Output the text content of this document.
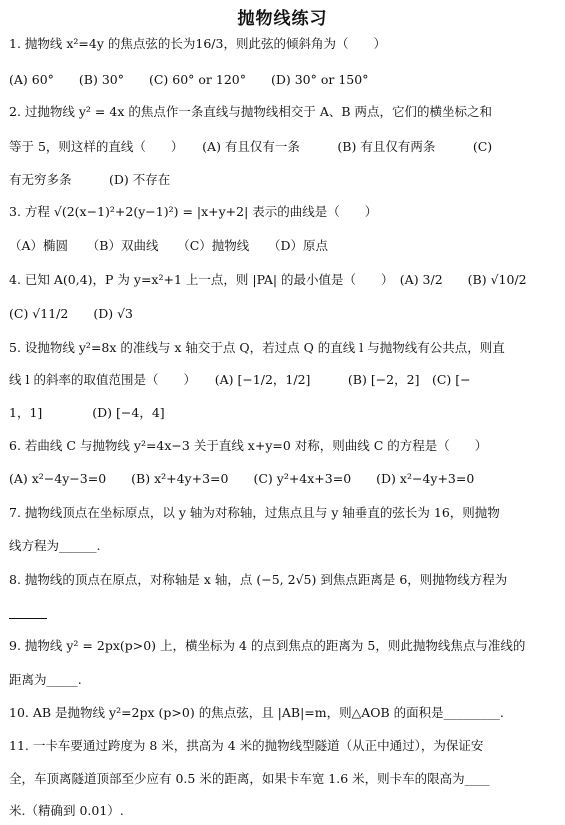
抛物线练习
1. 抛物线 x²=4y 的焦点弦的长为16/3，则此弦的倾斜角为（　　）
(A) 60°　　(B) 30°　　(C) 60° or 120°　　(D) 30° or 150°
2. 过抛物线 y² = 4x 的焦点作一条直线与抛物线相交于 A、B 两点，它们的横坐标之和
等于 5，则这样的直线（　　）　　(A) 有且仅有一条　　　(B) 有且仅有两条　　　(C)
有无穷多条　　　(D) 不存在
3. 方程 √(2(x−1)²+2(y−1)²) = |x+y+2| 表示的曲线是（　　）
（A）椭圆　　（B）双曲线　　（C）抛物线　　（D）原点
4. 已知 A(0,4)，P 为 y=x²+1 上一点，则 |PA| 的最小值是（　　）　(A) 3/2　　(B) √10/2
(C) √11/2　　(D) √3
5. 设抛物线 y²=8x 的准线与 x 轴交于点 Q，若过点 Q 的直线 l 与抛物线有公共点，则直
线 l 的斜率的取值范围是（　　）　　(A) [−1/2，1/2]　　　(B) [−2，2]　(C) [−
1，1]　　　　(D) [−4，4]
6. 若曲线 C 与抛物线 y²=4x−3 关于直线 x+y=0 对称，则曲线 C 的方程是（　　）
(A) x²−4y−3=0　　(B) x²+4y+3=0　　(C) y²+4x+3=0　　(D) x²−4y+3=0
7. 抛物线顶点在坐标原点，以 y 轴为对称轴，过焦点且与 y 轴垂直的弦长为 16，则抛物
线方程为______.
8. 抛物线的顶点在原点，对称轴是 x 轴，点 (−5, 2√5) 到焦点距离是 6，则抛物线方程为
9. 抛物线 y² = 2px(p>0) 上，横坐标为 4 的点到焦点的距离为 5，则此抛物线焦点与准线的
距离为_____.
10. AB 是抛物线 y²=2px (p>0) 的焦点弦，且 |AB|=m，则△AOB 的面积是_________.
11. 一卡车要通过跨度为 8 米，拱高为 4 米的抛物线型隧道（从正中通过），为保证安
全，车顶离隧道顶部至少应有 0.5 米的距离，如果卡车宽 1.6 米，则卡车的限高为____
米.（精确到 0.01）.
